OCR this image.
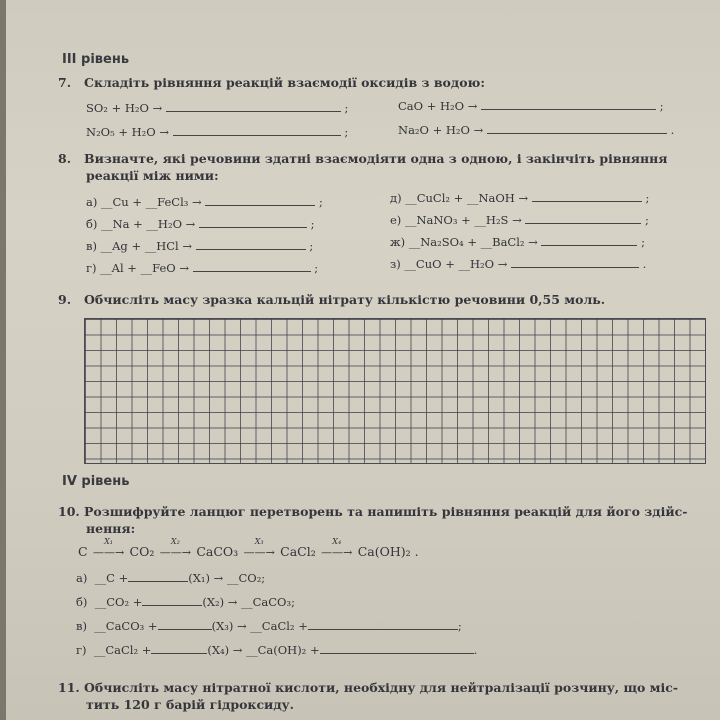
III рівень
7. Складіть рівняння реакцій взаємодії оксидів з водою:
SO₂ + H₂O →	;
N₂O₅ + H₂O →	;
CaO + H₂O →	;
Na₂O + H₂O →	.
8. Визначте, які речовини здатні взаємодіяти одна з одною, і закінчіть рівняння
реакції між ними:
а) __Cu + __FeCl₃ →	;
б) __Na + __H₂O →	;
в) __Ag + __HCl →	;
г) __Al + __FeO →	;
д) __CuCl₂ + __NaOH →	;
е) __NaNO₃ + __H₂S →	;
ж) __Na₂SO₄ + __BaCl₂ →	;
з) __CuO + __H₂O →	.
9. Обчисліть масу зразка кальцій нітрату кількістю речовини 0,55 моль.
IV рівень
10. Розшифруйте ланцюг перетворень та напишіть рівняння реакцій для його здійс-
нення:
C
X₁
——→ CO₂
X₂
——→ CaCO₃
X₃
——→ CaCl₂
X₄
——→ Ca(OH)₂ .
а) __C +	(X₁) → __CO₂;
б) __CO₂ +	(X₂) → __CaCO₃;
в) __CaCO₃ +	(X₃) → __CaCl₂ +	;
г) __CaCl₂ +	(X₄) → __Ca(OH)₂ +	.
11. Обчисліть масу нітратної кислоти, необхідну для нейтралізації розчину, що міс-
тить 120 г барій гідроксиду.
